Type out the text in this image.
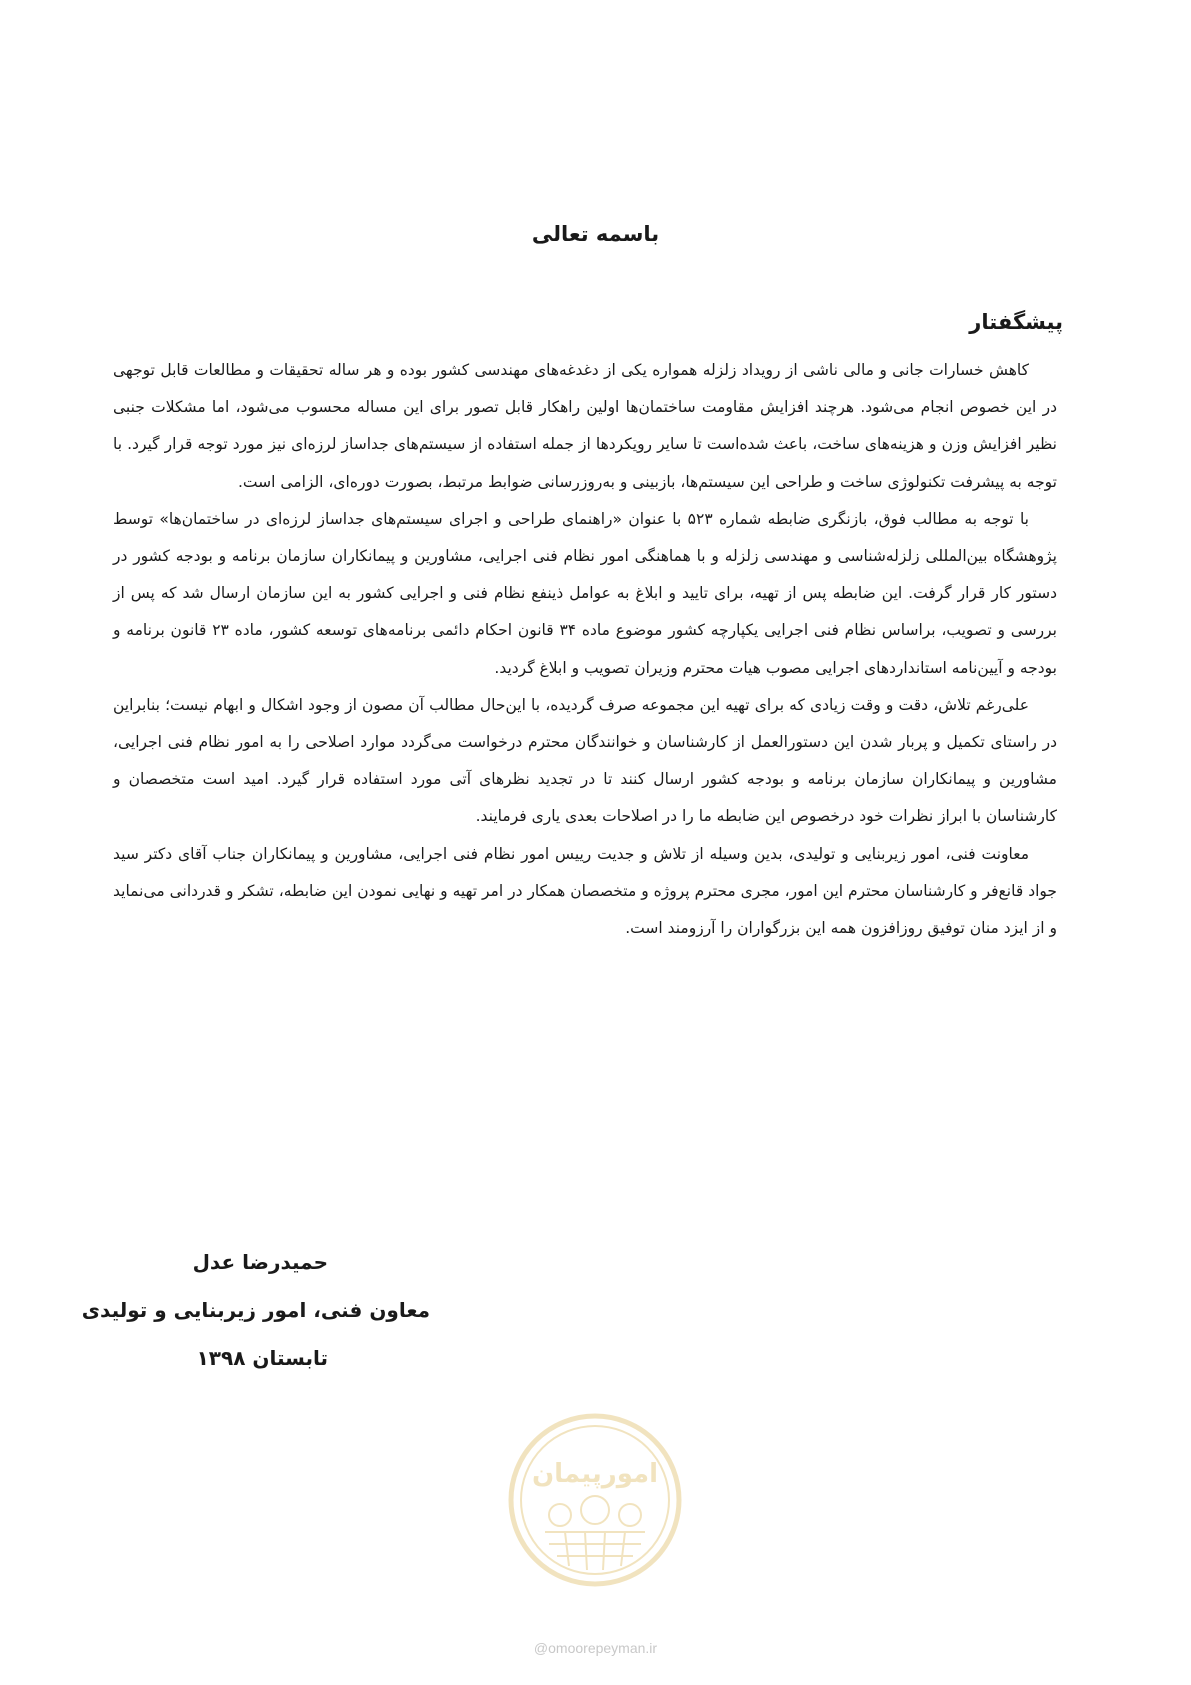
باسمه تعالی
پیشگفتار

کاهش خسارات جانی و مالی ناشی از رویداد زلزله همواره یکی از دغدغه‌های مهندسی کشور بوده و هر ساله تحقیقات و مطالعات قابل توجهی در این خصوص انجام می‌شود. هرچند افزایش مقاومت ساختمان‌ها اولین راهکار قابل تصور برای این مساله محسوب می‌شود، اما مشکلات جنبی نظیر افزایش وزن و هزینه‌های ساخت، باعث شده‌است تا سایر رویکردها از جمله استفاده از سیستم‌های جداساز لرزه‌ای نیز مورد توجه قرار گیرد. با توجه به پیشرفت تکنولوژی ساخت و طراحی این سیستم‌ها، بازبینی و به‌روزرسانی ضوابط مرتبط، بصورت دوره‌ای، الزامی است.

با توجه به مطالب فوق، بازنگری ضابطه شماره ۵۲۳ با عنوان «راهنمای طراحی و اجرای سیستم‌های جداساز لرزه‌ای در ساختمان‌ها» توسط پژوهشگاه بین‌المللی زلزله‌شناسی و مهندسی زلزله و با هماهنگی امور نظام فنی اجرایی، مشاورین و پیمانکاران سازمان برنامه و بودجه کشور در دستور کار قرار گرفت. این ضابطه پس از تهیه، برای تایید و ابلاغ به عوامل ذینفع نظام فنی و اجرایی کشور به این سازمان ارسال شد که پس از بررسی و تصویب، براساس نظام فنی اجرایی یکپارچه کشور موضوع ماده ۳۴ قانون احکام دائمی برنامه‌های توسعه کشور، ماده ۲۳ قانون برنامه و بودجه و آیین‌نامه استانداردهای اجرایی مصوب هیات محترم وزیران تصویب و ابلاغ گردید.

علی‌رغم تلاش، دقت و وقت زیادی که برای تهیه این مجموعه صرف گردیده، با این‌حال مطالب آن مصون از وجود اشکال و ابهام نیست؛ بنابراین در راستای تکمیل و پربار شدن این دستورالعمل از کارشناسان و خوانندگان محترم درخواست می‌گردد موارد اصلاحی را به امور نظام فنی اجرایی، مشاورین و پیمانکاران سازمان برنامه و بودجه کشور ارسال کنند تا در تجدید نظرهای آتی مورد استفاده قرار گیرد. امید است متخصصان و کارشناسان با ابراز نظرات خود درخصوص این ضابطه ما را در اصلاحات بعدی یاری فرمایند.

معاونت فنی، امور زیربنایی و تولیدی، بدین وسیله از تلاش و جدیت رییس امور نظام فنی اجرایی، مشاورین و پیمانکاران جناب آقای دکتر سید جواد قانع‌فر و کارشناسان محترم این امور، مجری محترم پروژه و متخصصان همکار در امر تهیه و نهایی نمودن این ضابطه، تشکر و قدردانی می‌نماید و از ایزد منان توفیق روزافزون همه این بزرگواران را آرزومند است.

حمیدرضا عدل
معاون فنی، امور زیربنایی و تولیدی
تابستان ۱۳۹۸
امورپیمان
@omoorepeyman.ir
